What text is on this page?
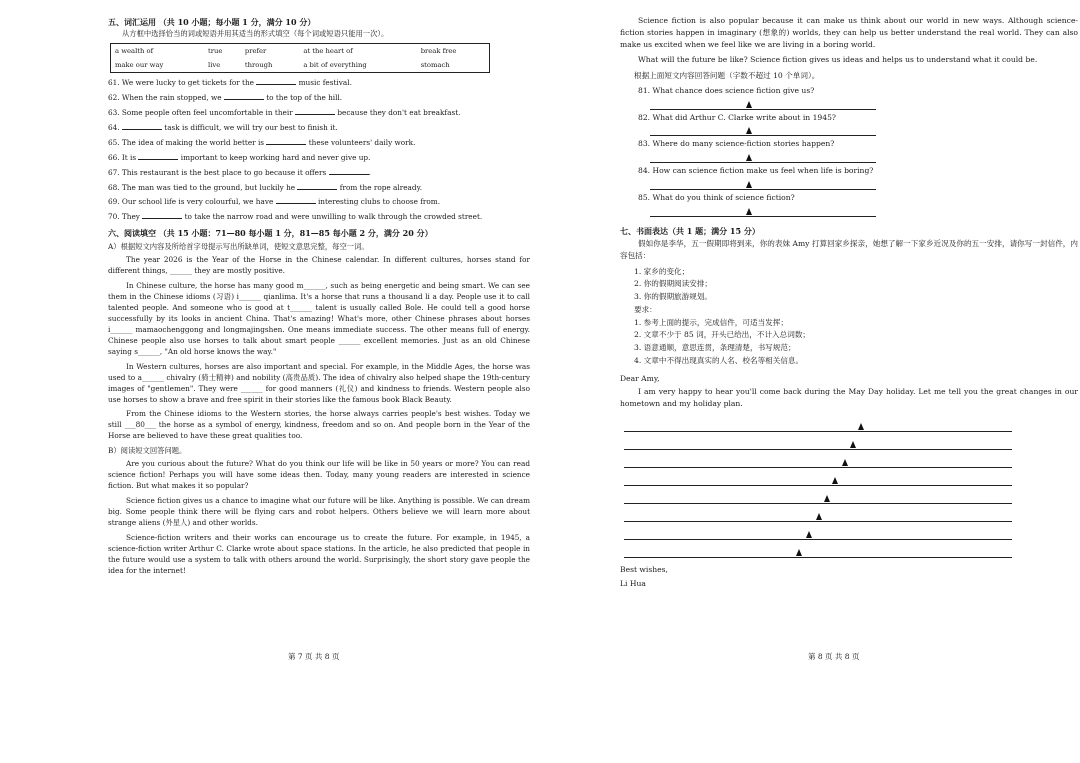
五、词汇运用 （共 10 小题；每小题 1 分，满分 10 分）
从方框中选择恰当的词或短语并用其适当的形式填空（每个词或短语只能用一次）。
a wealth of	true	prefer	at the heart of	break free
make our way	live	through	a bit of everything	stomach
61. We were lucky to get tickets for the	music festival.
62. When the rain stopped, we	to the top of the hill.
63. Some people often feel uncomfortable in their	because they don't eat breakfast.
64.	task is difficult, we will try our best to finish it.
65. The idea of making the world better is	these volunteers' daily work.
66. It is	important to keep working hard and never give up.
67. This restaurant is the best place to go because it offers	.
68. The man was tied to the ground, but luckily he	from the rope already.
69. Our school life is very colourful, we have	interesting clubs to choose from.
70. They	to take the narrow road and were unwilling to walk through the crowded street.
六、阅读填空 （共 15 小题：71—80 每小题 1 分，81—85 每小题 2 分，满分 20 分）
A）根据短文内容及所给首字母提示写出所缺单词，使短文意思完整，每空一词。
The year 2026 is the Year of the Horse in the Chinese calendar. In different cultures, horses stand for different things, ______ they are mostly positive.
In Chinese culture, the horse has many good m______, such as being energetic and being smart. We can see them in the Chinese idioms (习语) i______ qianlima. It's a horse that runs a thousand li a day. People use it to call talented people. And someone who is good at t______ talent is usually called Bole. He could tell a good horse successfully by its looks in ancient China. That's amazing! What's more, other Chinese phrases about horses i______ mamaochenggong and longmajingshen. One means immediate success. The other means full of energy. Chinese people also use horses to talk about smart people ______ excellent memories. Just as an old Chinese saying s______, "An old horse knows the way."
In Western cultures, horses are also important and special. For example, in the Middle Ages, the horse was used to a______ chivalry (骑士精神) and nobility (高贵品质). The idea of chivalry also helped shape the 19th-century images of "gentlemen". They were ______ for good manners (礼仪) and kindness to friends. Western people also use horses to show a brave and free spirit in their stories like the famous book Black Beauty.
From the Chinese idioms to the Western stories, the horse always carries people's best wishes. Today we still ___80___ the horse as a symbol of energy, kindness, freedom and so on. And people born in the Year of the Horse are believed to have these great qualities too.
B）阅读短文回答问题。
Are you curious about the future? What do you think our life will be like in 50 years or more? You can read science fiction! Perhaps you will have some ideas then. Today, many young readers are interested in science fiction. But what makes it so popular?
Science fiction gives us a chance to imagine what our future will be like. Anything is possible. We can dream big. Some people think there will be flying cars and robot helpers. Others believe we will learn more about strange aliens (外星人) and other worlds.
Science-fiction writers and their works can encourage us to create the future. For example, in 1945, a science-fiction writer Arthur C. Clarke wrote about space stations. In the article, he also predicted that people in the future would use a system to talk with others around the world. Surprisingly, the short story gave people the idea for the internet!
第 7 页 共 8 页
Science fiction is also popular because it can make us think about our world in new ways. Although science-fiction stories happen in imaginary (想象的) worlds, they can help us better understand the real world. They can also make us excited when we feel like we are living in a boring world.
What will the future be like? Science fiction gives us ideas and helps us to understand what it could be.
根据上面短文内容回答问题（字数不超过 10 个单词）。
81. What chance does science fiction give us?
82. What did Arthur C. Clarke write about in 1945?
83. Where do many science-fiction stories happen?
84. How can science fiction make us feel when life is boring?
85. What do you think of science fiction?
七、书面表达（共 1 题；满分 15 分）
假如你是李华，五一假期即将到来，你的表妹 Amy 打算回家乡探亲，她想了解一下家乡近况及你的五一安排，请你写一封信件，内容包括：
1. 家乡的变化；
2. 你的假期阅读安排；
3. 你的假期旅游规划。
要求：
1. 参考上面的提示，完成信件，可适当发挥；
2. 文章不少于 85 词，开头已给出，不计入总词数；
3. 语意通顺，意思连贯，条理清楚，书写规范；
4. 文章中不得出现真实的人名、校名等相关信息。
Dear Amy,
I am very happy to hear you'll come back during the May Day holiday. Let me tell you the great changes in our hometown and my holiday plan.
Best wishes,
Li Hua
第 8 页 共 8 页
